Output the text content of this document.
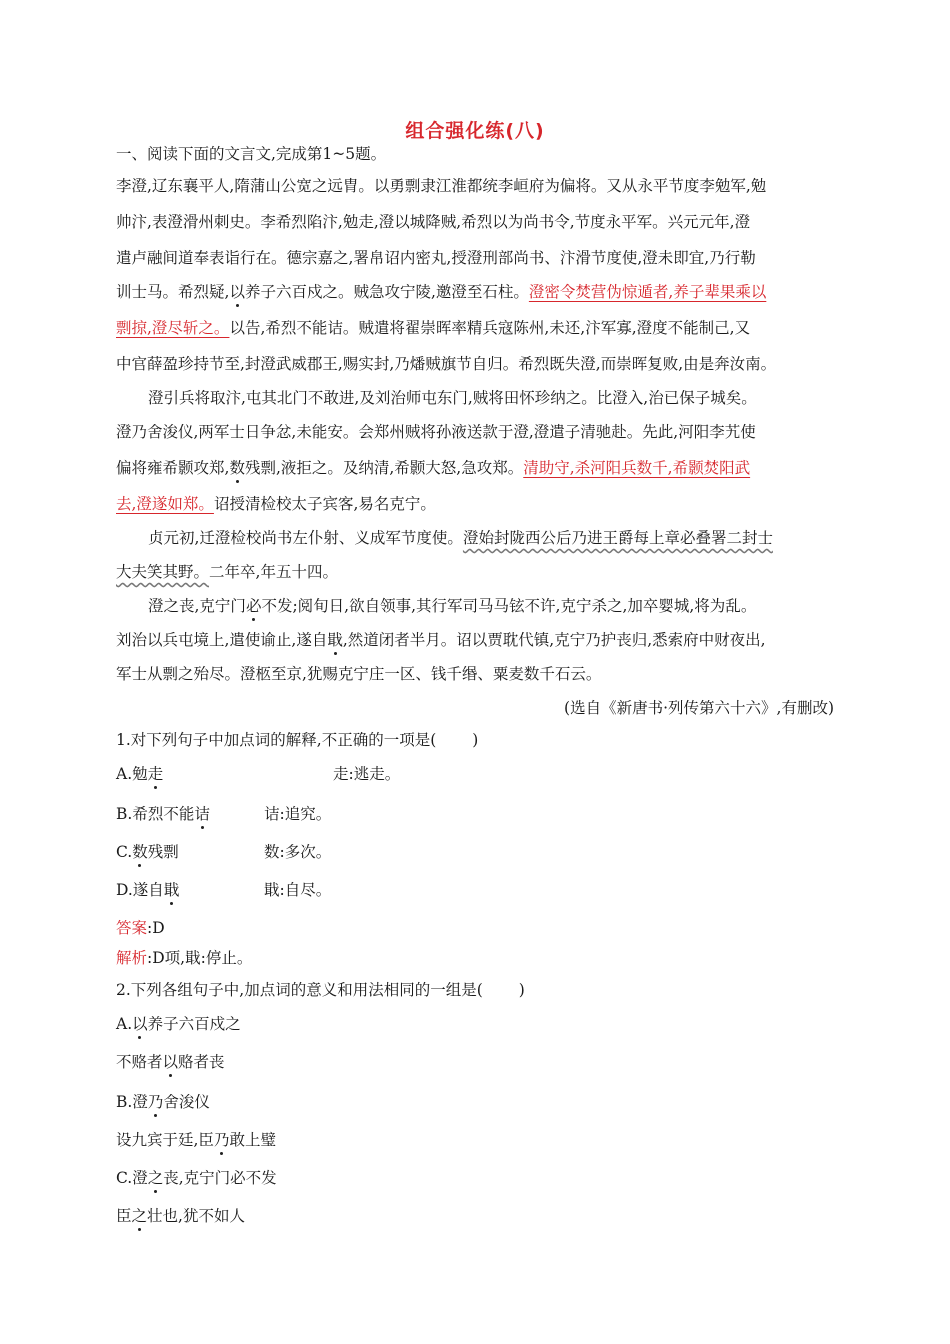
组合强化练(八)
一、阅读下面的文言文,完成第1~5题。
李澄,辽东襄平人,隋蒲山公宽之远胄。以勇剽隶江淮都统李峘府为偏将。又从永平节度李勉军,勉
帅汴,表澄滑州刺史。李希烈陷汴,勉走,澄以城降贼,希烈以为尚书令,节度永平军。兴元元年,澄
遣卢融间道奉表诣行在。德宗嘉之,署帛诏内密丸,授澄刑部尚书、汴滑节度使,澄未即宜,乃行勒
训士马。希烈疑,以养子六百戍之。贼急攻宁陵,邀澄至石柱。澄密令焚营伪惊遁者,养子辈果乘以
剽掠,澄尽斩之。以告,希烈不能诘。贼遣将翟崇晖率精兵寇陈州,未还,汴军寡,澄度不能制己,又
中官薛盈珍持节至,封澄武威郡王,赐实封,乃燔贼旗节自归。希烈既失澄,而崇晖复败,由是奔汝南。
澄引兵将取汴,屯其北门不敢进,及刘治师屯东门,贼将田怀珍纳之。比澄入,治已保子城矣。
澄乃舍浚仪,两军士日争忿,未能安。会郑州贼将孙液送款于澄,澄遣子清驰赴。先此,河阳李艽使
偏将雍希颢攻郑,数残剽,液拒之。及纳清,希颢大怒,急攻郑。清助守,杀河阳兵数千,希颢焚阳武
去,澄遂如郑。诏授清检校太子宾客,易名克宁。
贞元初,迁澄检校尚书左仆射、义成军节度使。澄始封陇西公后乃进王爵每上章必叠署二封士
大夫笑其野。二年卒,年五十四。
澄之丧,克宁门必不发;阅旬日,欲自领事,其行军司马马铉不许,克宁杀之,加卒婴城,将为乱。
刘治以兵屯境上,遣使谕止,遂自戢,然道闭者半月。诏以贾耽代镇,克宁乃护丧归,悉索府中财夜出,
军士从剽之殆尽。澄柩至京,犹赐克宁庄一区、钱千缗、粟麦数千石云。
(选自《新唐书·列传第六十六》,有删改)
1.对下列句子中加点词的解释,不正确的一项是( )
A.勉走	走:逃走。
B.希烈不能诘	诘:追究。
C.数残剽	数:多次。
D.遂自戢	戢:自尽。
答案:D
解析:D项,戢:停止。
2.下列各组句子中,加点词的意义和用法相同的一组是( )
A.以养子六百戍之
不赂者以赂者丧
B.澄乃舍浚仪
设九宾于廷,臣乃敢上璧
C.澄之丧,克宁门必不发
臣之壮也,犹不如人
